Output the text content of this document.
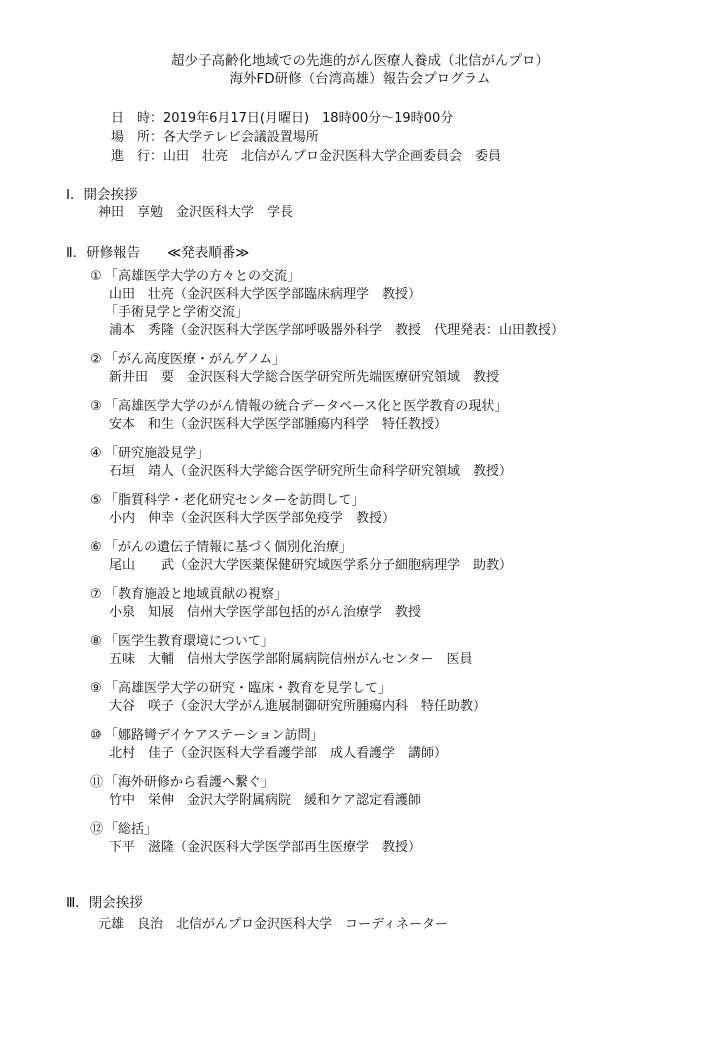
超少子高齢化地域での先進的がん医療人養成（北信がんプロ）
海外FD研修（台湾高雄）報告会プログラム
日　時：2019年6月17日(月曜日)　18時00分～19時00分
場　所：各大学テレビ会議設置場所
進　行：山田　壮亮　北信がんプロ金沢医科大学企画委員会　委員
Ⅰ．開会挨拶
神田　享勉　金沢医科大学　学長
Ⅱ．研修報告　　≪発表順番≫
① 「高雄医学大学の方々との交流」
山田　壮亮（金沢医科大学医学部臨床病理学　教授）
「手術見学と学術交流」
浦本　秀隆（金沢医科大学医学部呼吸器外科学　教授　代理発表：山田教授）
② 「がん高度医療・がんゲノム」
新井田　要　金沢医科大学総合医学研究所先端医療研究領域　教授
③ 「高雄医学大学のがん情報の統合データベース化と医学教育の現状」
安本　和生（金沢医科大学医学部腫瘍内科学　特任教授）
④ 「研究施設見学」
石垣　靖人（金沢医科大学総合医学研究所生命科学研究領域　教授）
⑤ 「脂質科学・老化研究センターを訪問して」
小内　伸幸（金沢医科大学医学部免疫学　教授）
⑥ 「がんの遺伝子情報に基づく個別化治療」
尾山　　武（金沢大学医薬保健研究域医学系分子細胞病理学　助教）
⑦ 「教育施設と地域貢献の視察」
小泉　知展　信州大学医学部包括的がん治療学　教授
⑧ 「医学生教育環境について」
五味　大輔　信州大学医学部附属病院信州がんセンター　医員
⑨ 「高雄医学大学の研究・臨床・教育を見学して」
大谷　咲子（金沢大学がん進展制御研究所腫瘍内科　特任助教）
⑩ 「娜路彎デイケアステーション訪問」
北村　佳子（金沢医科大学看護学部　成人看護学　講師）
⑪ 「海外研修から看護へ繋ぐ」
竹中　栄伸　金沢大学附属病院　緩和ケア認定看護師
⑫ 「総括」
下平　滋隆（金沢医科大学医学部再生医療学　教授）
Ⅲ．閉会挨拶
元雄　良治　北信がんプロ金沢医科大学　コーディネーター
